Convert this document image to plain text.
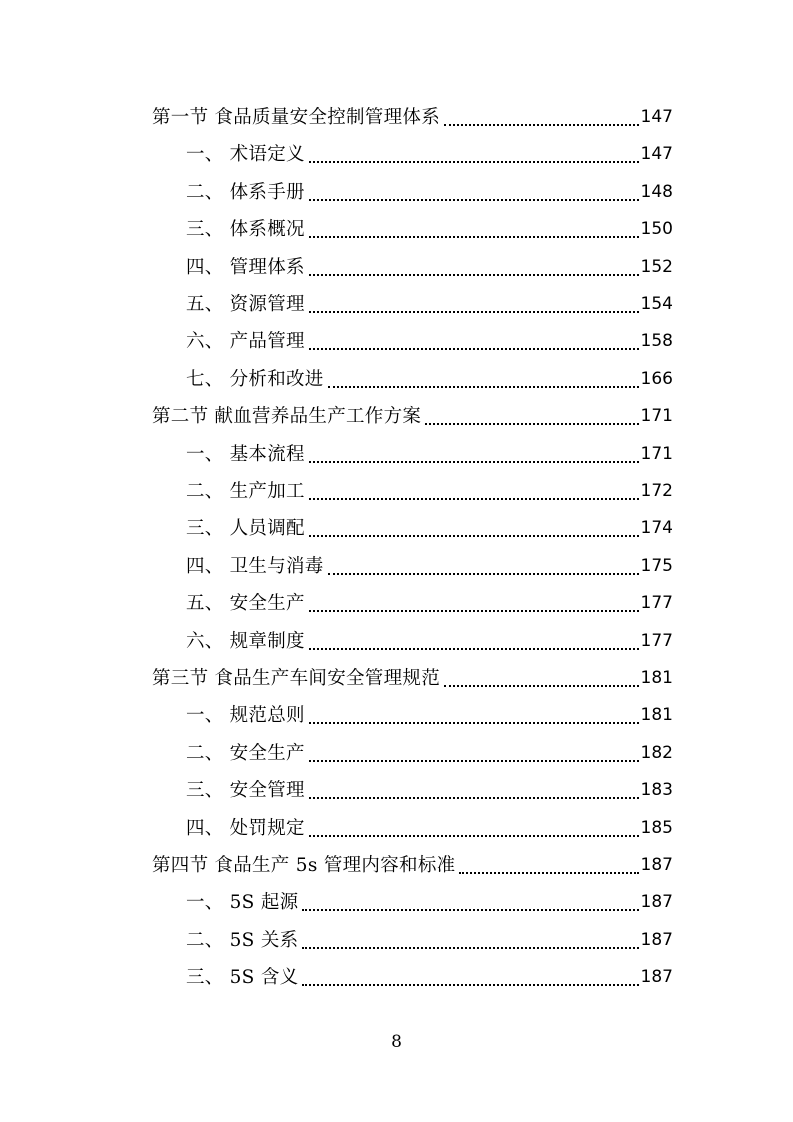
第一节 食品质量安全控制管理体系	147
一、 术语定义	147
二、 体系手册	148
三、 体系概况	150
四、 管理体系	152
五、 资源管理	154
六、 产品管理	158
七、 分析和改进	166
第二节 献血营养品生产工作方案	171
一、 基本流程	171
二、 生产加工	172
三、 人员调配	174
四、 卫生与消毒	175
五、 安全生产	177
六、 规章制度	177
第三节 食品生产车间安全管理规范	181
一、 规范总则	181
二、 安全生产	182
三、 安全管理	183
四、 处罚规定	185
第四节 食品生产 5s 管理内容和标准	187
一、 5S 起源	187
二、 5S 关系	187
三、 5S 含义	187
8
